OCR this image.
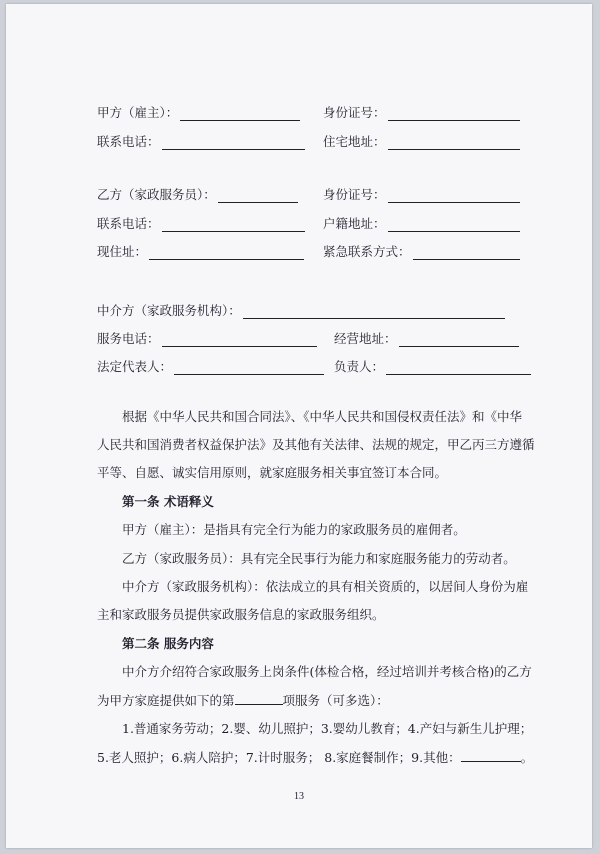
甲方（雇主）：	身份证号：
联系电话：	住宅地址：
乙方（家政服务员）：	身份证号：
联系电话：	户籍地址：
现住址：	紧急联系方式：
中介方（家政服务机构）：
服务电话：	经营地址：
法定代表人：	负责人：
根据《中华人民共和国合同法》、《中华人民共和国侵权责任法》和《中华
人民共和国消费者权益保护法》及其他有关法律、法规的规定，甲乙丙三方遵循
平等、自愿、诚实信用原则，就家庭服务相关事宜签订本合同。
第一条 术语释义
甲方（雇主）：是指具有完全行为能力的家政服务员的雇佣者。
乙方（家政服务员）：具有完全民事行为能力和家庭服务能力的劳动者。
中介方（家政服务机构）：依法成立的具有相关资质的，以居间人身份为雇
主和家政服务员提供家政服务信息的家政服务组织。
第二条 服务内容
中介方介绍符合家政服务上岗条件(体检合格，经过培训并考核合格)的乙方
为甲方家庭提供如下的第	项服务（可多选）：
1.普通家务劳动；2.婴、幼儿照护；3.婴幼儿教育；4.产妇与新生儿护理；
5.老人照护；6.病人陪护；7.计时服务； 8.家庭餐制作；9.其他：	。
13
